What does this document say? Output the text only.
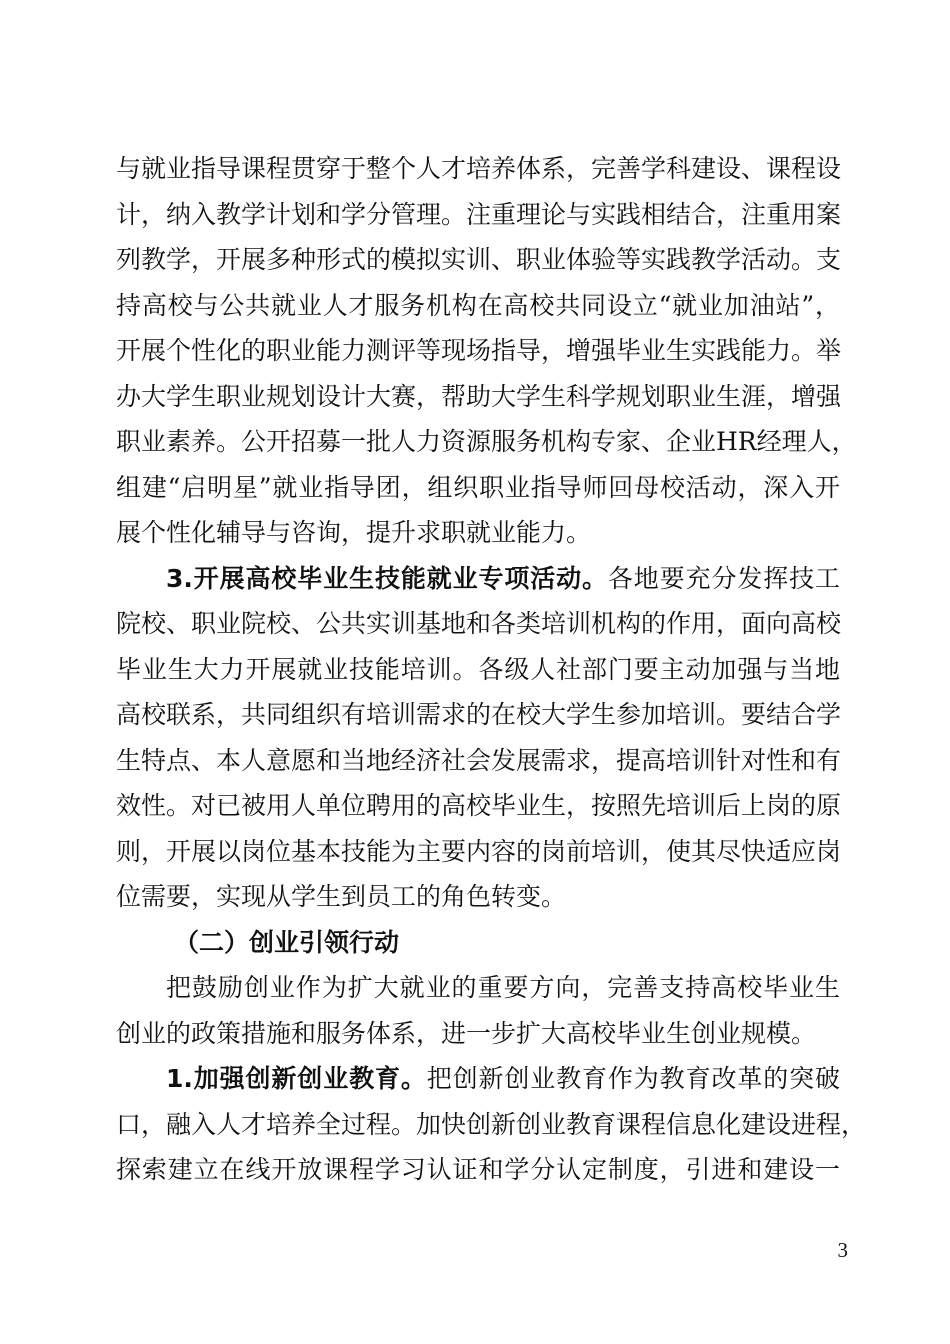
与就业指导课程贯穿于整个人才培养体系，完善学科建设、课程设
计，纳入教学计划和学分管理。注重理论与实践相结合，注重用案
列教学，开展多种形式的模拟实训、职业体验等实践教学活动。支
持高校与公共就业人才服务机构在高校共同设立“就业加油站”，
开展个性化的职业能力测评等现场指导，增强毕业生实践能力。举
办大学生职业规划设计大赛，帮助大学生科学规划职业生涯，增强
职业素养。公开招募一批人力资源服务机构专家、企业HR经理人，
组建“启明星”就业指导团，组织职业指导师回母校活动，深入开
展个性化辅导与咨询，提升求职就业能力。
3.开展高校毕业生技能就业专项活动。各地要充分发挥技工
院校、职业院校、公共实训基地和各类培训机构的作用，面向高校
毕业生大力开展就业技能培训。各级人社部门要主动加强与当地
高校联系，共同组织有培训需求的在校大学生参加培训。要结合学
生特点、本人意愿和当地经济社会发展需求，提高培训针对性和有
效性。对已被用人单位聘用的高校毕业生，按照先培训后上岗的原
则，开展以岗位基本技能为主要内容的岗前培训，使其尽快适应岗
位需要，实现从学生到员工的角色转变。
（二）创业引领行动
把鼓励创业作为扩大就业的重要方向，完善支持高校毕业生
创业的政策措施和服务体系，进一步扩大高校毕业生创业规模。
1.加强创新创业教育。把创新创业教育作为教育改革的突破
口，融入人才培养全过程。加快创新创业教育课程信息化建设进程，
探索建立在线开放课程学习认证和学分认定制度，引进和建设一
3
